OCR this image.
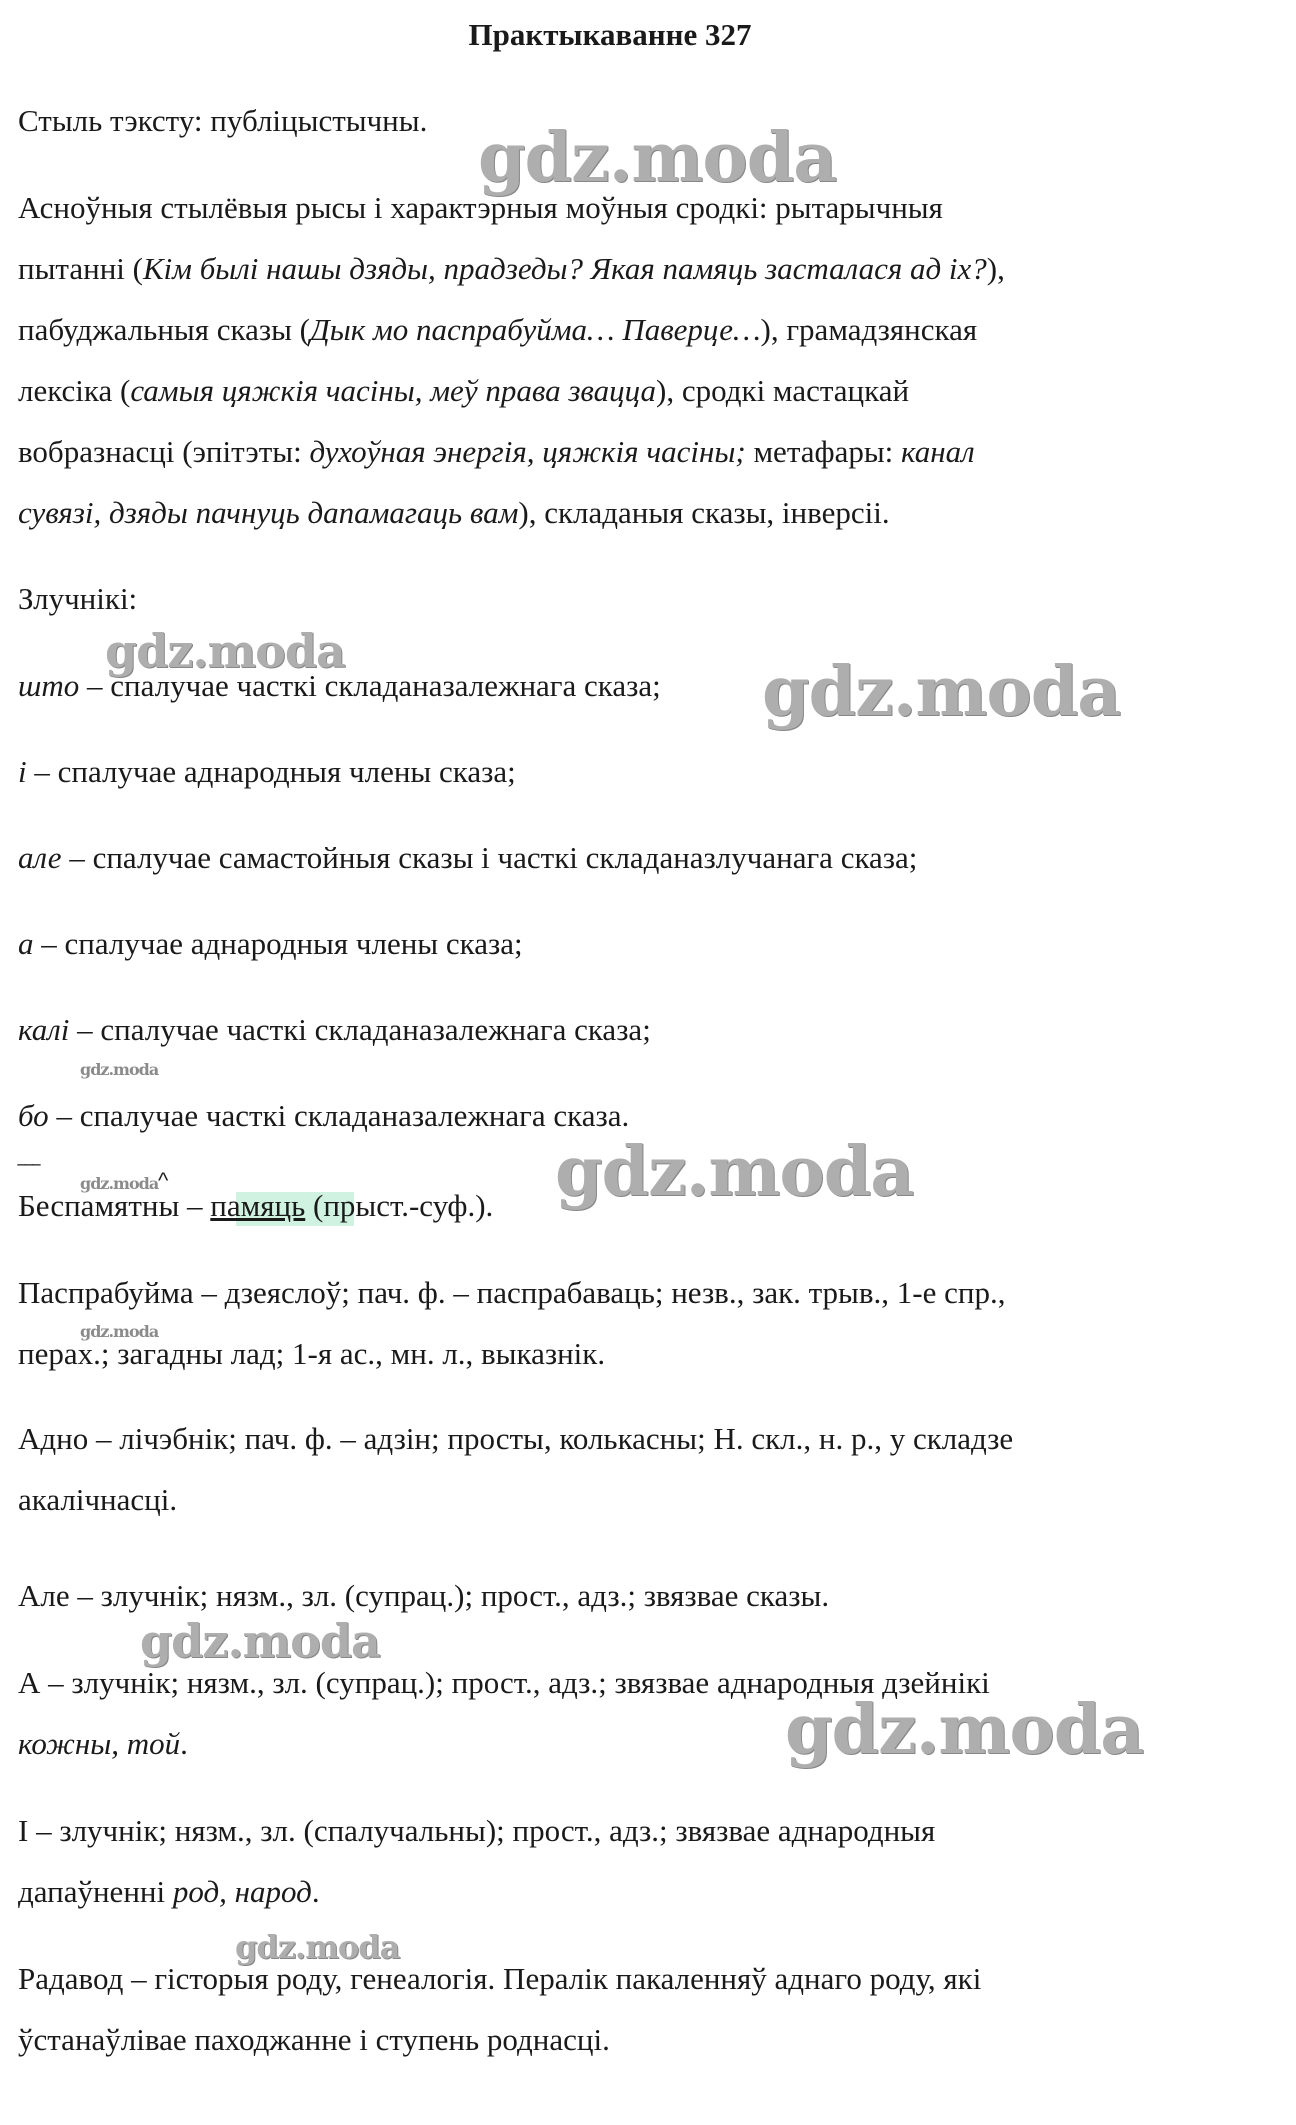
Практыкаванне 327

Стыль тэксту: публіцыстычны.

Асноўныя стылёвыя рысы і характэрныя моўныя сродкі: рытарычныя
пытанні (Кім былі нашы дзяды, прадзеды? Якая памяць засталася ад іх?),
пабуджальныя сказы (Дык мо паспрабуйма… Паверце…), грамадзянская
лексіка (самыя цяжкія часіны, меў права звацца), сродкі мастацкай
вобразнасці (эпітэты: духоўная энергія, цяжкія часіны; метафары: канал
сувязі, дзяды пачнуць дапамагаць вам), складаныя сказы, інверсіі.

Злучнікі:

што – спалучае часткі складаназалежнага сказа;

і – спалучае аднародныя члены сказа;

але – спалучае самастойныя сказы і часткі складаназлучанага сказа;

а – спалучае аднародныя члены сказа;

калі – спалучае часткі складаназалежнага сказа;

бо – спалучае часткі складаназалежнага сказа.

‾‾‾	^

Беспамятны – памяць (прыст.-суф.).

Паспрабуйма – дзеяслоў; пач. ф. – паспрабаваць; незв., зак. трыв., 1-е спр.,
перах.; загадны лад; 1-я ас., мн. л., выказнік.
Адно – лічэбнік; пач. ф. – адзін; просты, колькасны; Н. скл., н. р., у складзе
акалічнасці.

Але – злучнік; нязм., зл. (супрац.); прост., адз.; звязвае сказы.

А – злучнік; нязм., зл. (супрац.); прост., адз.; звязвае аднародныя дзейнікі
кожны, той.
І – злучнік; нязм., зл. (спалучальны); прост., адз.; звязвае аднародныя
дапаўненні род, народ.
Радавод – гісторыя роду, генеалогія. Пералік пакаленняў аднаго роду, які
ўстанаўлівае паходжанне і ступень роднасці.
gdz.moda
gdz.moda
gdz.moda
gdz.moda
gdz.moda	gdz.moda
gdz.moda
gdz.moda
gdz.moda
gdz.moda
